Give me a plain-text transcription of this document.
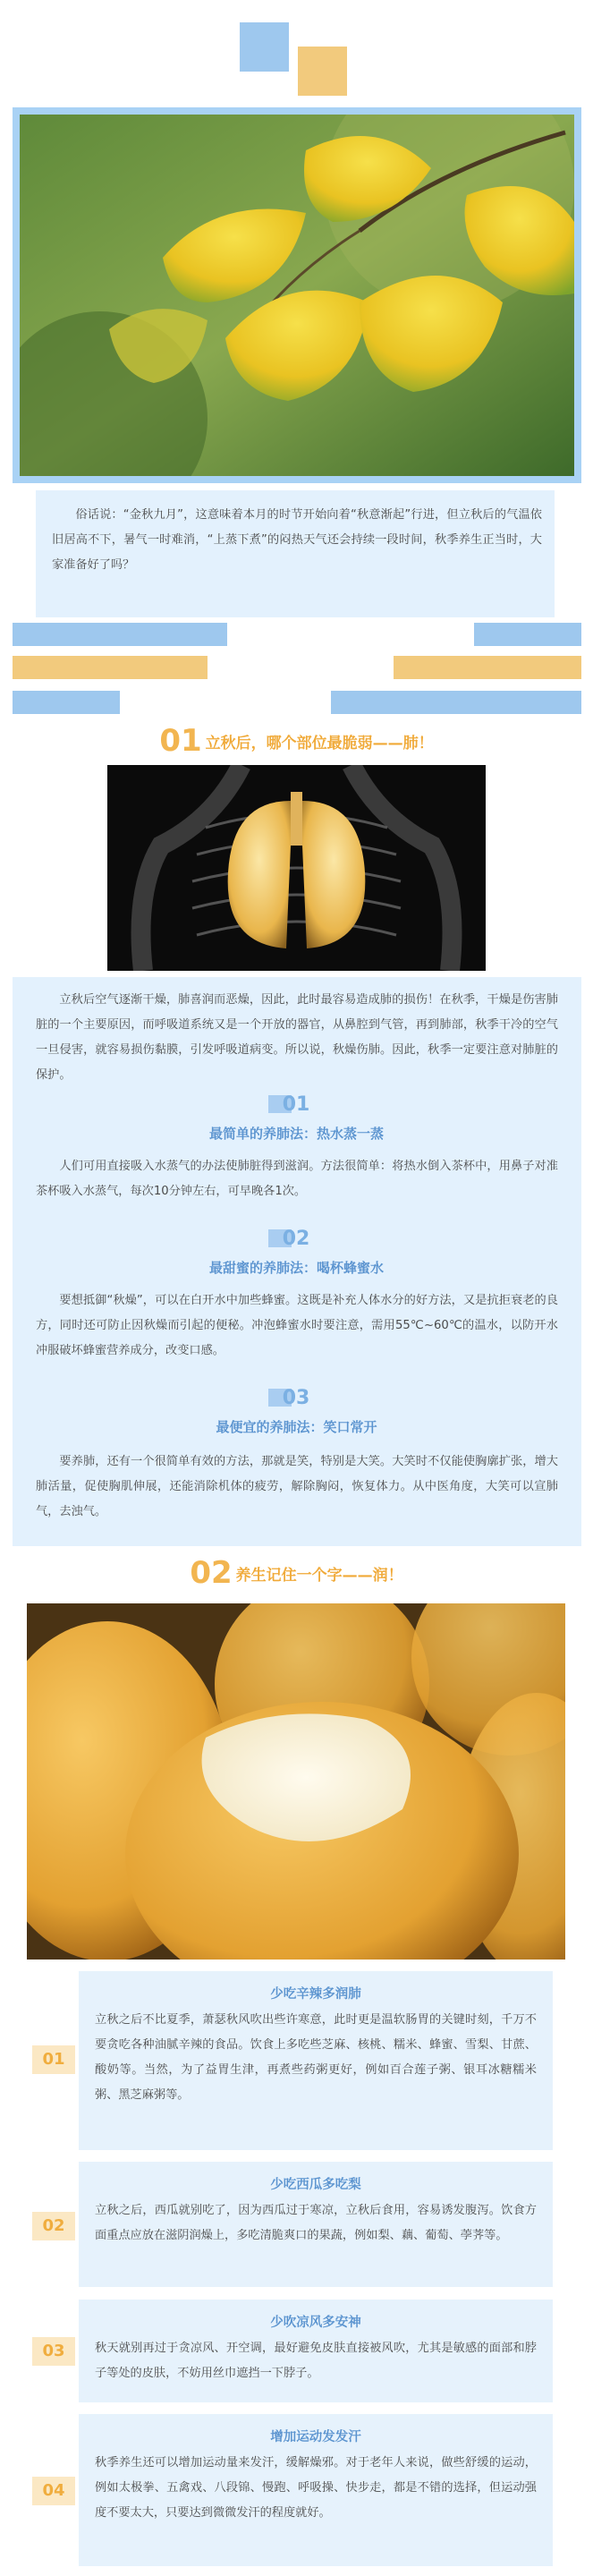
俗话说：“金秋九月”，这意味着本月的时节开始向着“秋意渐起”行进，但立秋后的气温依旧居高不下，暑气一时难消，“上蒸下煮”的闷热天气还会持续一段时间，秋季养生正当时，大家准备好了吗？

01 立秋后，哪个部位最脆弱——肺！

立秋后空气逐渐干燥，肺喜润而恶燥，因此，此时最容易造成肺的损伤！在秋季，干燥是伤害肺脏的一个主要原因，而呼吸道系统又是一个开放的器官，从鼻腔到气管，再到肺部，秋季干冷的空气一旦侵害，就容易损伤黏膜，引发呼吸道病变。所以说，秋燥伤肺。因此，秋季一定要注意对肺脏的保护。

01
最简单的养肺法：热水蒸一蒸

人们可用直接吸入水蒸气的办法使肺脏得到滋润。方法很简单：将热水倒入茶杯中，用鼻子对准茶杯吸入水蒸气，每次10分钟左右，可早晚各1次。

02
最甜蜜的养肺法：喝杯蜂蜜水

要想抵御“秋燥”，可以在白开水中加些蜂蜜。这既是补充人体水分的好方法，又是抗拒衰老的良方，同时还可防止因秋燥而引起的便秘。冲泡蜂蜜水时要注意，需用55℃~60℃的温水，以防开水冲服破坏蜂蜜营养成分，改变口感。

03
最便宜的养肺法：笑口常开

要养肺，还有一个很简单有效的方法，那就是笑，特别是大笑。大笑时不仅能使胸廓扩张，增大肺活量，促使胸肌伸展，还能消除机体的疲劳，解除胸闷，恢复体力。从中医角度，大笑可以宣肺气，去浊气。

02 养生记住一个字——润！
少吃辛辣多润肺

立秋之后不比夏季，萧瑟秋风吹出些许寒意，此时更是温软肠胃的关键时刻，千万不要贪吃各种油腻辛辣的食品。饮食上多吃些芝麻、核桃、糯米、蜂蜜、雪梨、甘蔗、酸奶等。当然，为了益胃生津，再煮些药粥更好，例如百合莲子粥、银耳冰糖糯米粥、黑芝麻粥等。

01
少吃西瓜多吃梨

立秋之后，西瓜就别吃了，因为西瓜过于寒凉，立秋后食用，容易诱发腹泻。饮食方面重点应放在滋阴润燥上，多吃清脆爽口的果蔬，例如梨、藕、葡萄、荸荠等。

02
少吹凉风多安神

秋天就别再过于贪凉风、开空调，最好避免皮肤直接被风吹，尤其是敏感的面部和脖子等处的皮肤，不妨用丝巾遮挡一下脖子。

03
增加运动发发汗

秋季养生还可以增加运动量来发汗，缓解燥邪。对于老年人来说，做些舒缓的运动，例如太极拳、五禽戏、八段锦、慢跑、呼吸操、快步走，都是不错的选择，但运动强度不要太大，只要达到微微发汗的程度就好。

04
